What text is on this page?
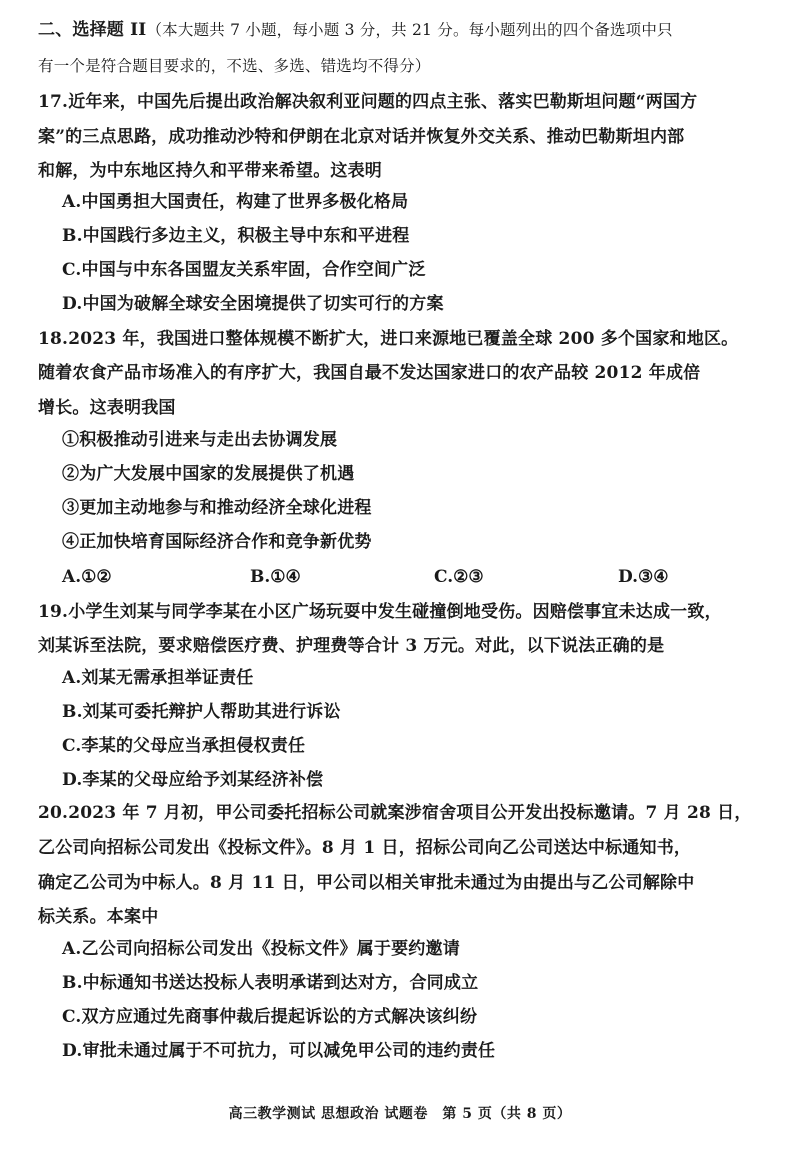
二、选择题 II（本大题共 7 小题，每小题 3 分，共 21 分。每小题列出的四个备选项中只
有一个是符合题目要求的，不选、多选、错选均不得分）
17.近年来，中国先后提出政治解决叙利亚问题的四点主张、落实巴勒斯坦问题“两国方
案”的三点思路，成功推动沙特和伊朗在北京对话并恢复外交关系、推动巴勒斯坦内部
和解，为中东地区持久和平带来希望。这表明
A.中国勇担大国责任，构建了世界多极化格局
B.中国践行多边主义，积极主导中东和平进程
C.中国与中东各国盟友关系牢固，合作空间广泛
D.中国为破解全球安全困境提供了切实可行的方案
18.2023 年，我国进口整体规模不断扩大，进口来源地已覆盖全球 200 多个国家和地区。
随着农食产品市场准入的有序扩大，我国自最不发达国家进口的农产品较 2012 年成倍
增长。这表明我国
①积极推动引进来与走出去协调发展
②为广大发展中国家的发展提供了机遇
③更加主动地参与和推动经济全球化进程
④正加快培育国际经济合作和竞争新优势
A.①②	B.①④	C.②③	D.③④
19.小学生刘某与同学李某在小区广场玩耍中发生碰撞倒地受伤。因赔偿事宜未达成一致，
刘某诉至法院，要求赔偿医疗费、护理费等合计 3 万元。对此，以下说法正确的是
A.刘某无需承担举证责任
B.刘某可委托辩护人帮助其进行诉讼
C.李某的父母应当承担侵权责任
D.李某的父母应给予刘某经济补偿
20.2023 年 7 月初，甲公司委托招标公司就案涉宿舍项目公开发出投标邀请。7 月 28 日，
乙公司向招标公司发出《投标文件》。8 月 1 日，招标公司向乙公司送达中标通知书，
确定乙公司为中标人。8 月 11 日，甲公司以相关审批未通过为由提出与乙公司解除中
标关系。本案中
A.乙公司向招标公司发出《投标文件》属于要约邀请
B.中标通知书送达投标人表明承诺到达对方，合同成立
C.双方应通过先商事仲裁后提起诉讼的方式解决该纠纷
D.审批未通过属于不可抗力，可以减免甲公司的违约责任
高三教学测试 思想政治 试题卷　第 5 页（共 8 页）
